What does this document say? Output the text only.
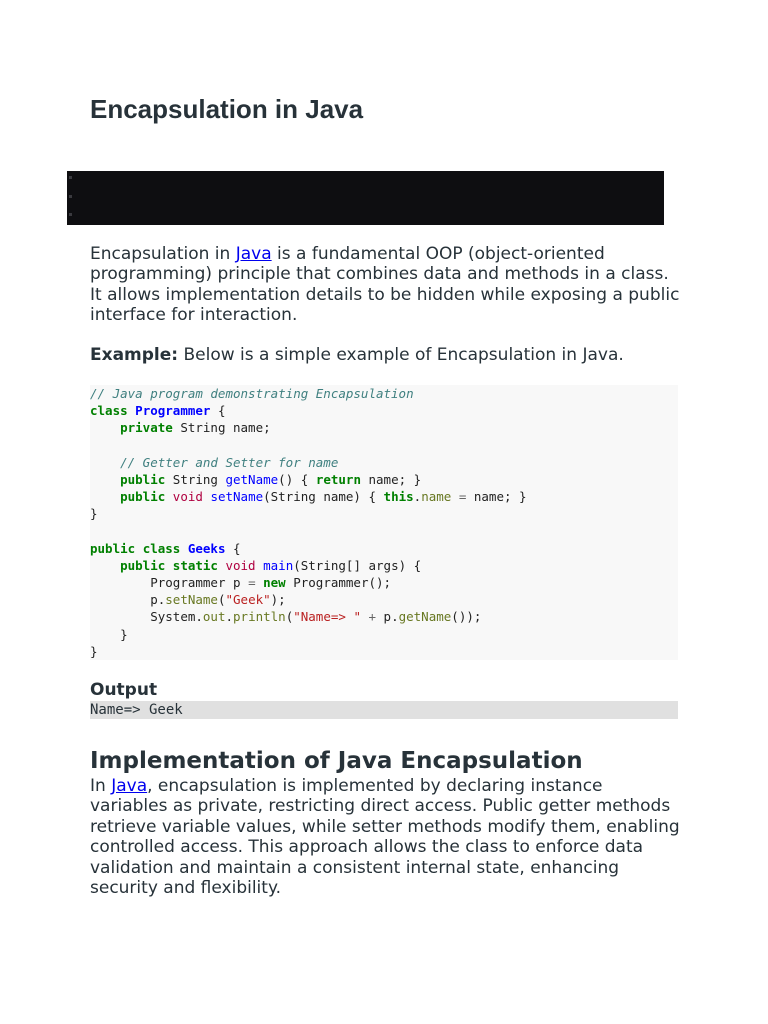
Encapsulation in Java

Encapsulation in Java is a fundamental OOP (object-oriented programming) principle that combines data and methods in a class. It allows implementation details to be hidden while exposing a public interface for interaction.

Example: Below is a simple example of Encapsulation in Java.

// Java program demonstrating Encapsulation
class Programmer {
private String name;
// Getter and Setter for name
public String getName() { return name; }
public void setName(String name) { this.name = name; }
}
public class Geeks {
public static void main(String[] args) {
Programmer p = new Programmer();
p.setName("Geek");
System.out.println("Name=> " + p.getName());
}
}

Output

Name=> Geek
Implementation of Java Encapsulation

In Java, encapsulation is implemented by declaring instance variables as private, restricting direct access. Public getter methods retrieve variable values, while setter methods modify them, enabling controlled access. This approach allows the class to enforce data validation and maintain a consistent internal state, enhancing security and flexibility.
